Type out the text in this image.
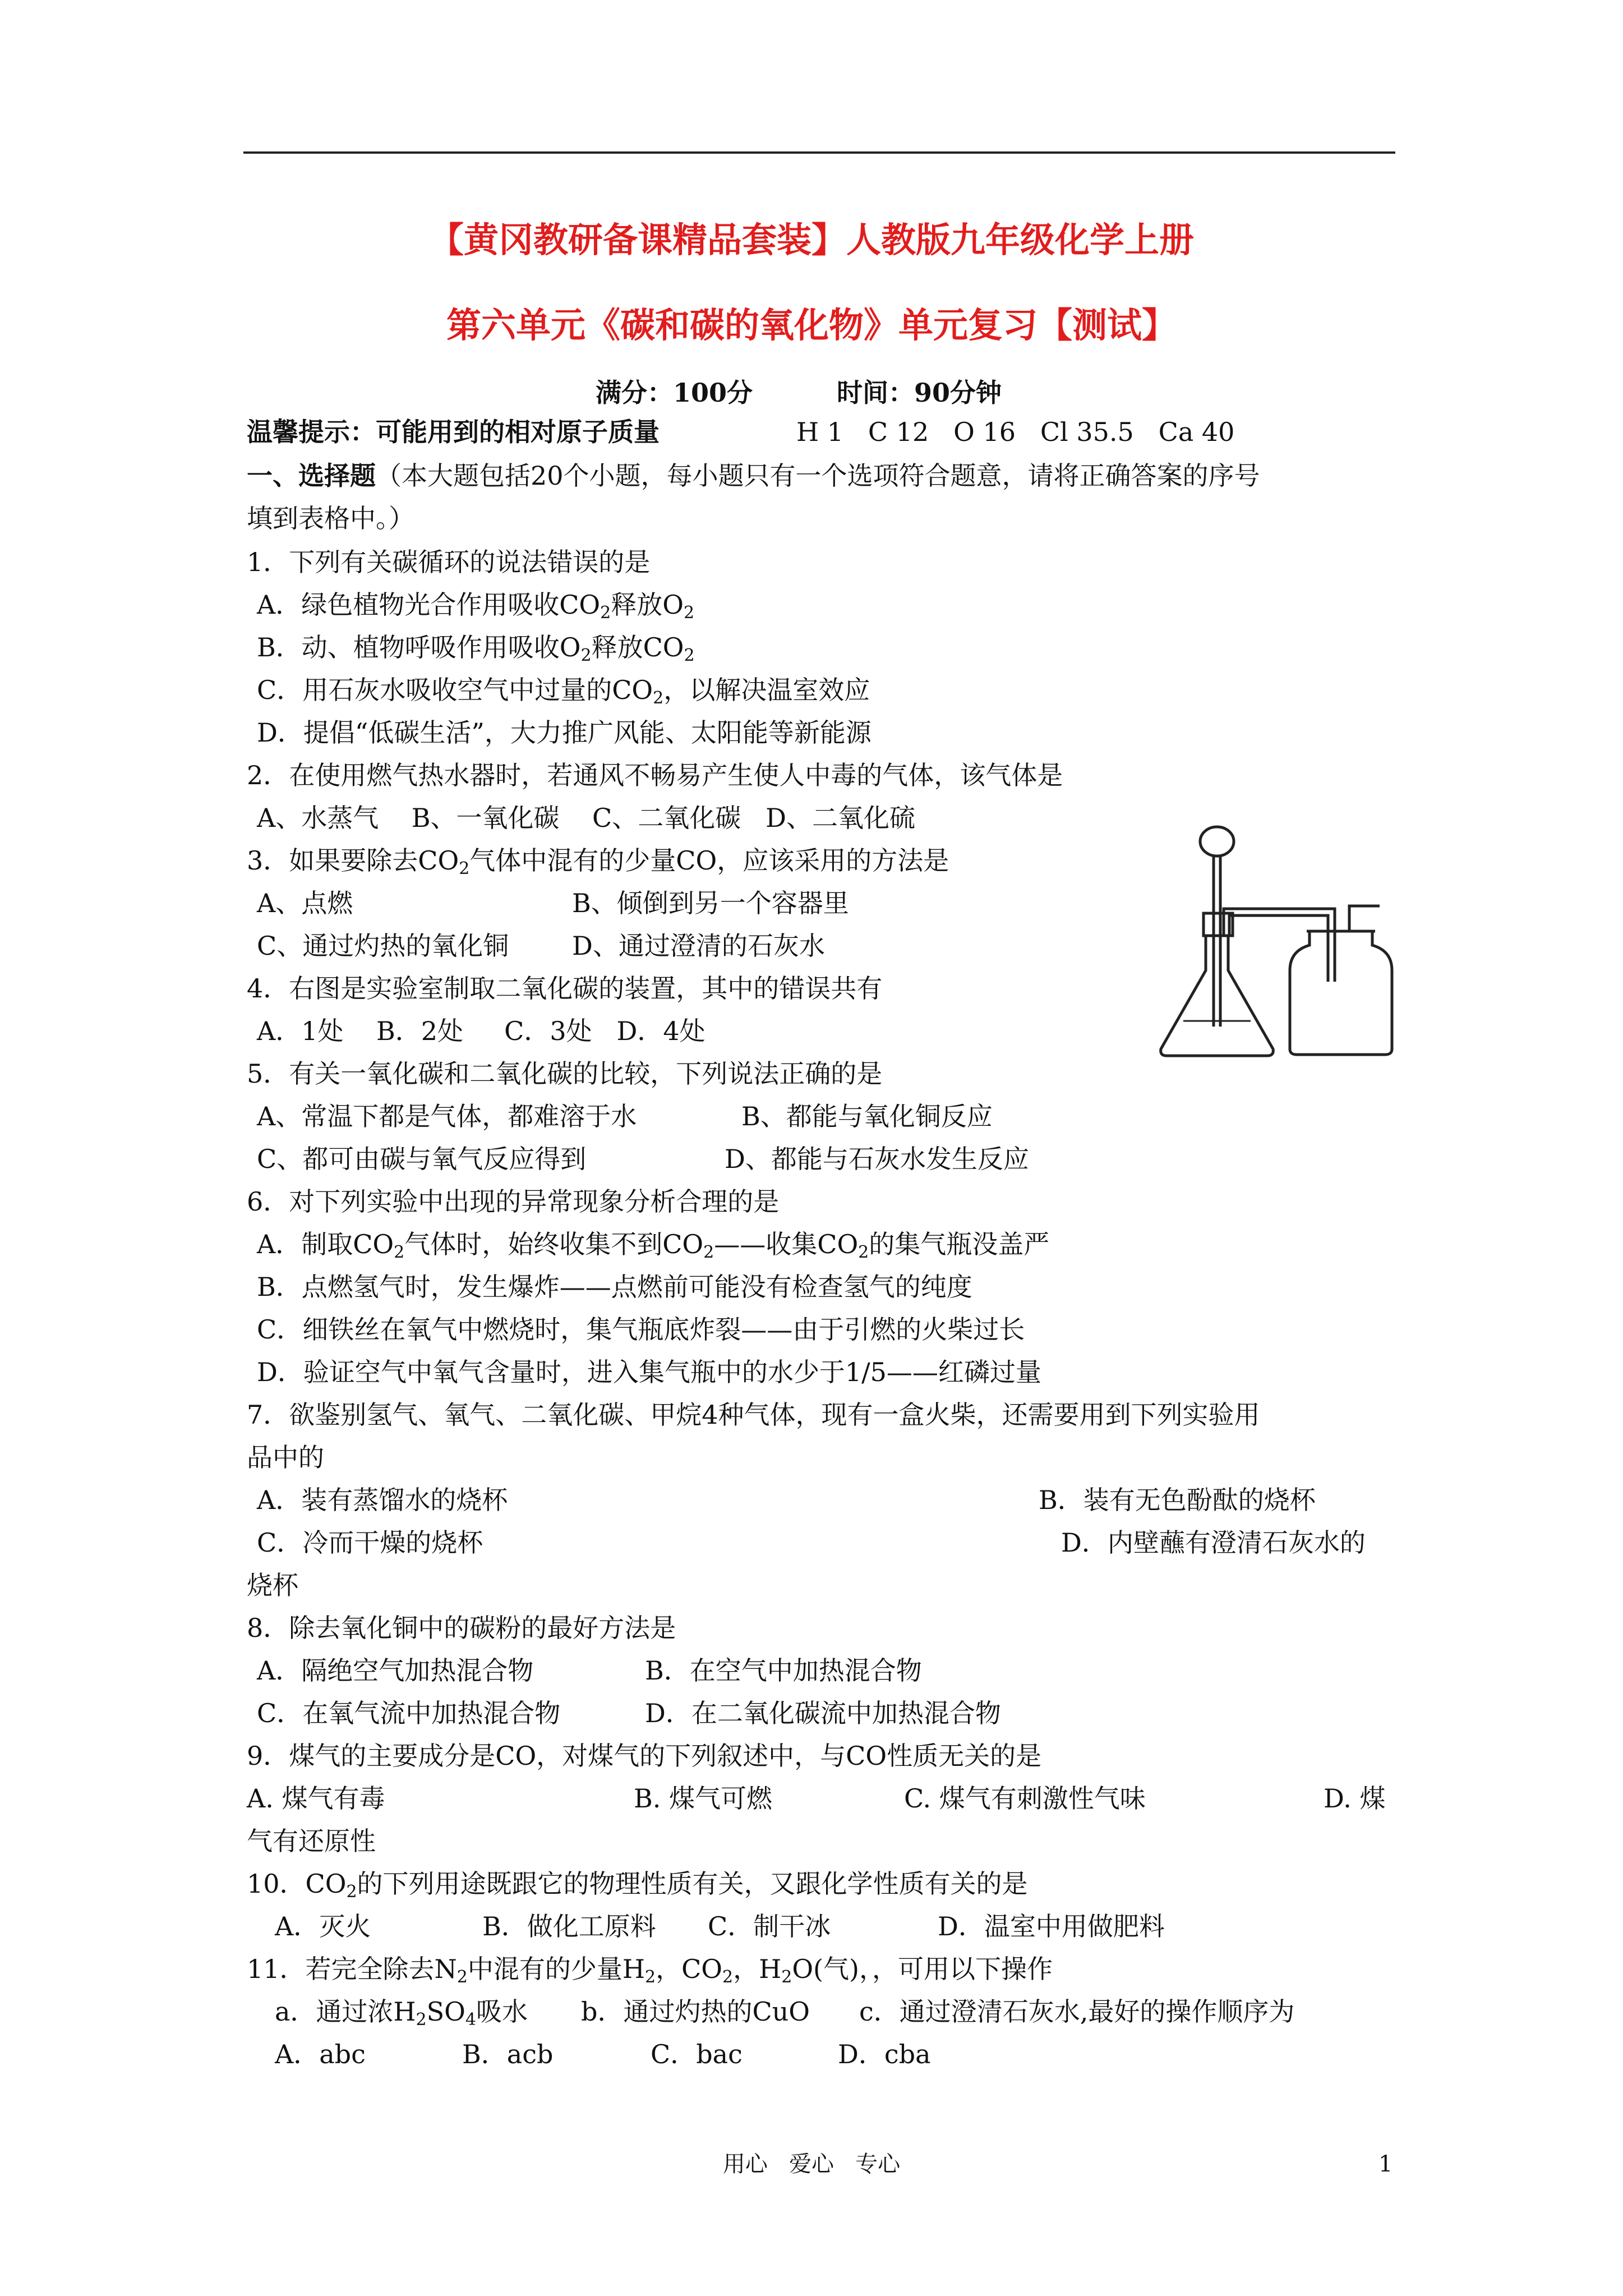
【黄冈教研备课精品套装】人教版九年级化学上册
第六单元《碳和碳的氧化物》单元复习【测试】
满分：100分	时间：90分钟
温馨提示：可能用到的相对原子质量	H 1   C 12   O 16   Cl 35.5   Ca 40
一、选择题（本大题包括20个小题，每小题只有一个选项符合题意，请将正确答案的序号
填到表格中。）
1．下列有关碳循环的说法错误的是
A．绿色植物光合作用吸收$CO_2$释放$O_2$
B．动、植物呼吸作用吸收$O_2$释放$CO_2$
C．用石灰水吸收空气中过量的$CO_2$，以解决温室效应
D．提倡“低碳生活”，大力推广风能、太阳能等新能源
2．在使用燃气热水器时，若通风不畅易产生使人中毒的气体，该气体是
A、水蒸气    B、一氧化碳    C、二氧化碳   D、二氧化硫
3．如果要除去$CO_2$气体中混有的少量CO，应该采用的方法是
A、点燃	B、倾倒到另一个容器里
C、通过灼热的氧化铜 D、通过澄清的石灰水
4．右图是实验室制取二氧化碳的装置，其中的错误共有
A．1处    B．2处     C．3处   D．4处
5．有关一氧化碳和二氧化碳的比较，下列说法正确的是
A、常温下都是气体，都难溶于水	B、都能与氧化铜反应
C、都可由碳与氧气反应得到	D、都能与石灰水发生反应
6．对下列实验中出现的异常现象分析合理的是
A．制取$CO_2$气体时，始终收集不到$CO_2——$收集$CO_2$的集气瓶没盖严
B．点燃氢气时，发生爆炸——点燃前可能没有检查氢气的纯度
C．细铁丝在氧气中燃烧时，集气瓶底炸裂——由于引燃的火柴过长
D．验证空气中氧气含量时，进入集气瓶中的水少于1/5——红磷过量
7．欲鉴别氢气、氧气、二氧化碳、甲烷4种气体，现有一盒火柴，还需要用到下列实验用
品中的
A．装有蒸馏水的烧杯	B．装有无色酚酞的烧杯
C．冷而干燥的烧杯	D．内壁蘸有澄清石灰水的
烧杯
8．除去氧化铜中的碳粉的最好方法是
A．隔绝空气加热混合物	B．在空气中加热混合物
C．在氧气流中加热混合物	D．在二氧化碳流中加热混合物
9．煤气的主要成分是CO，对煤气的下列叙述中，与CO性质无关的是
A. 煤气有毒	B. 煤气可燃	C. 煤气有刺激性气味	D. 煤
气有还原性
10．$CO_2$的下列用途既跟它的物理性质有关，又跟化学性质有关的是
A．灭火	B．做化工原料 C．制干冰	D．温室中用做肥料
11．若完全除去$N_2$中混有的少量$H_2$，$CO_2$，$H_2O$(气)，，可用以下操作
a．通过浓$H_2SO_4$吸水 b．通过灼热的CuO c．通过澄清石灰水,最好的操作顺序为
A．abc	B．acb	C．bac	D．cba
用心   爱心   专心	1
